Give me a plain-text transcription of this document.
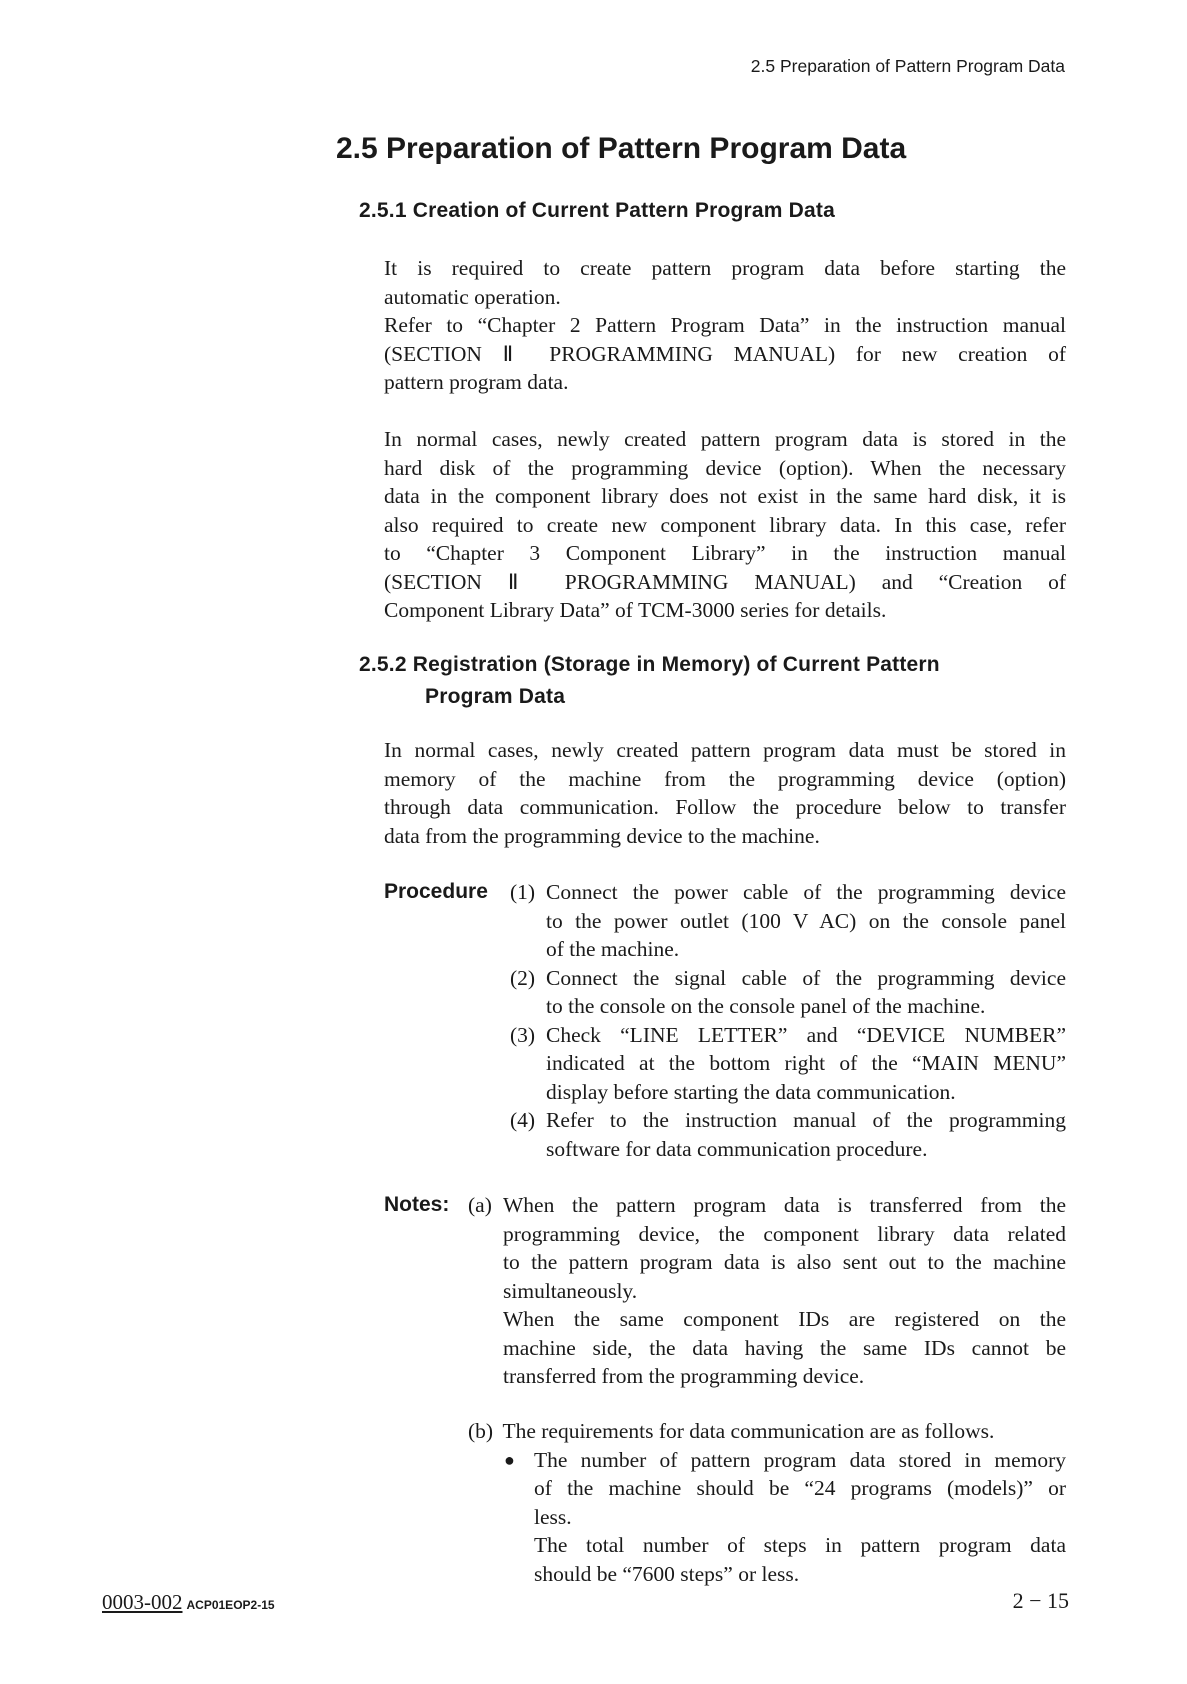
2.5 Preparation of Pattern Program Data
2.5 Preparation of Pattern Program Data
2.5.1 Creation of Current Pattern Program Data
It is required to create pattern program data before starting the
automatic operation.
Refer to “Chapter 2 Pattern Program Data” in the instruction manual
(SECTION Ⅱ PROGRAMMING MANUAL) for new creation of
pattern program data.
In normal cases, newly created pattern program data is stored in the
hard disk of the programming device (option). When the necessary
data in the component library does not exist in the same hard disk, it is
also required to create new component library data. In this case, refer
to “Chapter 3 Component Library” in the instruction manual
(SECTION Ⅱ PROGRAMMING MANUAL) and “Creation of
Component Library Data” of TCM-3000 series for details.
2.5.2 Registration (Storage in Memory) of Current Pattern
Program Data
In normal cases, newly created pattern program data must be stored in
memory of the machine from the programming device (option)
through data communication. Follow the procedure below to transfer
data from the programming device to the machine.
Procedure (1) Connect the power cable of the programming device
to the power outlet (100 V AC) on the console panel
of the machine.
(2) Connect the signal cable of the programming device
to the console on the console panel of the machine.
(3) Check “LINE LETTER” and “DEVICE NUMBER”
indicated at the bottom right of the “MAIN MENU”
display before starting the data communication.
(4) Refer to the instruction manual of the programming
software for data communication procedure.
Notes: (a) When the pattern program data is transferred from the
programming device, the component library data related
to the pattern program data is also sent out to the machine
simultaneously.
When the same component IDs are registered on the
machine side, the data having the same IDs cannot be
transferred from the programming device.
(b) The requirements for data communication are as follows.
● The number of pattern program data stored in memory
of the machine should be “24 programs (models)” or
less.
The total number of steps in pattern program data
should be “7600 steps” or less.
0003-002 ACP01EOP2-15	2 − 15
